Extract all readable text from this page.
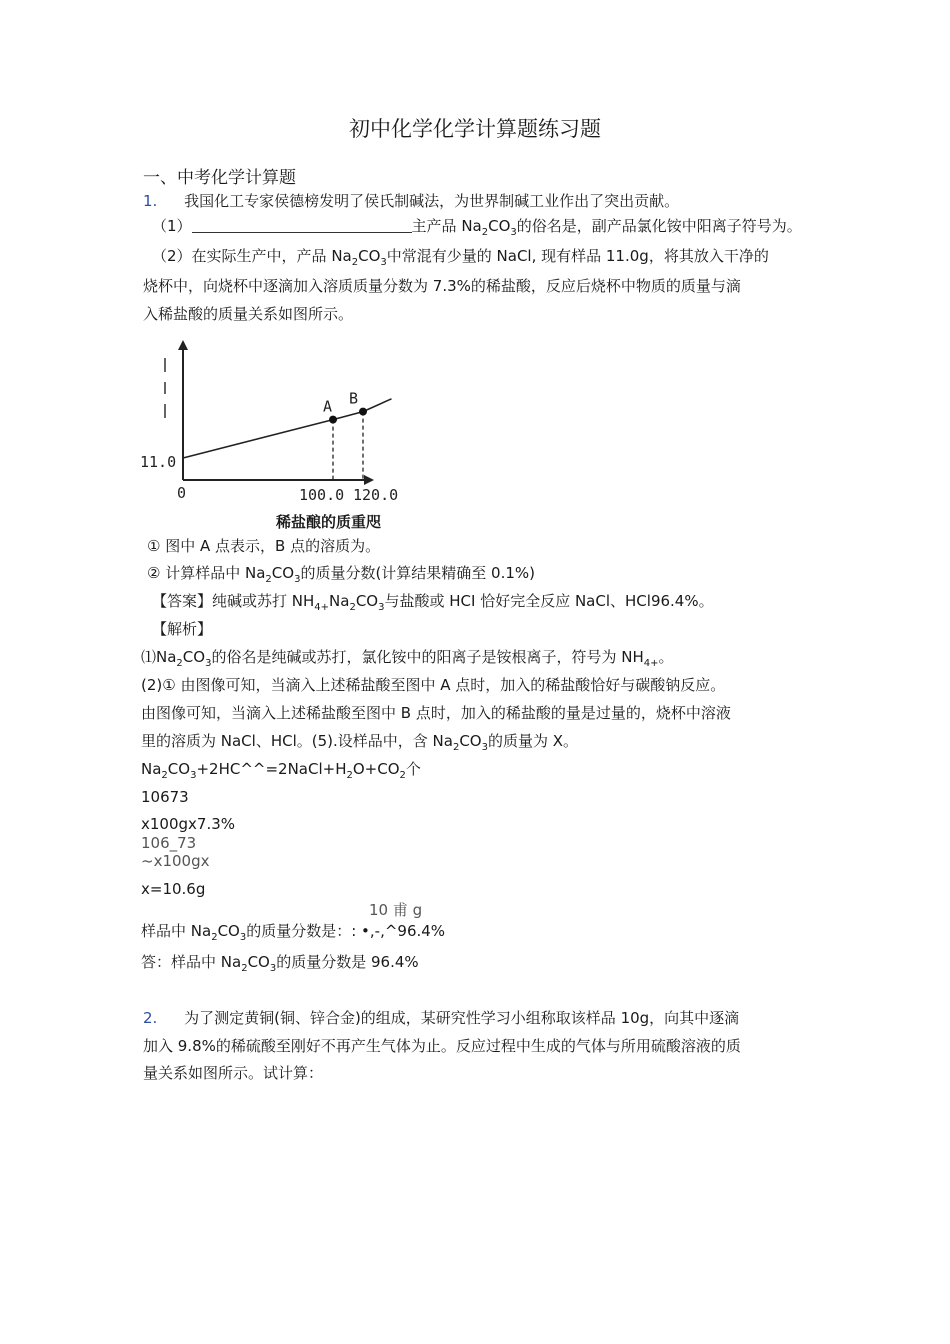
初中化学化学计算题练习题
一、中考化学计算题
1. 我国化工专家侯德榜发明了侯氏制碱法，为世界制碱工业作出了突出贡献。
（1）	主产品 $Na_2CO_3$的俗名是，副产品氯化铵中阳离子符号为。
（2）在实际生产中，产品 $Na_2CO_3$中常混有少量的 NaCl, 现有样品 11.0g，将其放入干净的
烧杯中，向烧杯中逐滴加入溶质质量分数为 7.3%的稀盐酸，反应后烧杯中物质的质量与滴
入稀盐酸的质量关系如图所示。
A B
11.0
0	100.0 120.0
稀盐酿的质重咫
① 图中 A 点表示，B 点的溶质为。
② 计算样品中 $Na_2CO_3$的质量分数(计算结果精确至 0.1%)
【答案】纯碱或苏打 $NH_{4+}Na_2CO_3$与盐酸或 HCI 恰好完全反应 NaCl、HCl96.4%。
【解析】
$⑴Na_2CO_3$的俗名是纯碱或苏打，氯化铵中的阳离子是铵根离子，符号为 $NH_{4+}$。
(2)① 由图像可知，当滴入上述稀盐酸至图中 A 点时，加入的稀盐酸恰好与碳酸钠反应。
由图像可知，当滴入上述稀盐酸至图中 B 点时，加入的稀盐酸的量是过量的，烧杯中溶液
里的溶质为 NaCl、HCl。(5).设样品中，含 $Na_2CO_3$的质量为 X。
$Na_2CO_3+2HC\^{}\^{}=2NaCl+H_2O+CO_2$个
10673
x100gx7.3%
106_73
~x100gx
x=10.6g
10 甫 g
样品中 $Na_2CO_3$的质量分数是：: •,-,^96.4%
答：样品中 $Na_2CO_3$的质量分数是 96.4%
2. 为了测定黄铜(铜、锌合金)的组成，某研究性学习小组称取该样品 10g，向其中逐滴
加入 9.8%的稀硫酸至刚好不再产生气体为止。反应过程中生成的气体与所用硫酸溶液的质
量关系如图所示。试计算：
